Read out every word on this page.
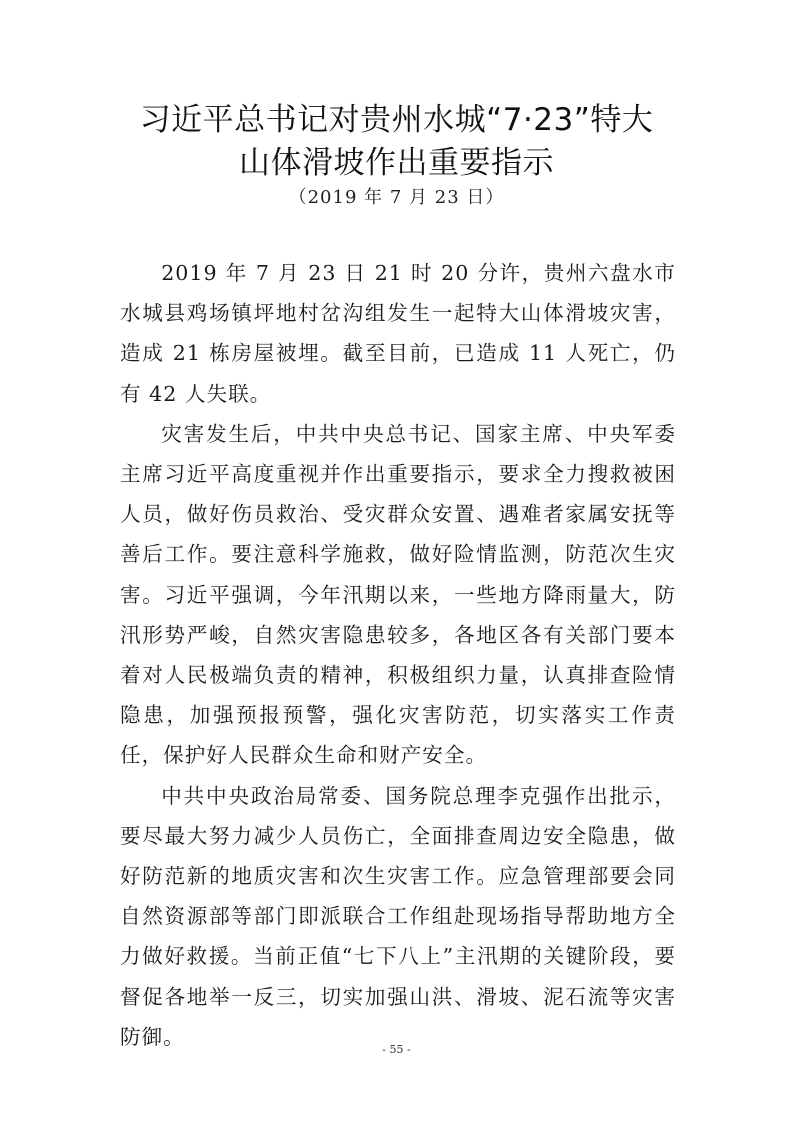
习近平总书记对贵州水城“7·23”特大
山体滑坡作出重要指示
（2019 年 7 月 23 日）

2019 年 7 月 23 日 21 时 20 分许，贵州六盘水市水城县鸡场镇坪地村岔沟组发生一起特大山体滑坡灾害，造成 21 栋房屋被埋。截至目前，已造成 11 人死亡，仍有 42 人失联。

灾害发生后，中共中央总书记、国家主席、中央军委主席习近平高度重视并作出重要指示，要求全力搜救被困人员，做好伤员救治、受灾群众安置、遇难者家属安抚等善后工作。要注意科学施救，做好险情监测，防范次生灾害。习近平强调，今年汛期以来，一些地方降雨量大，防汛形势严峻，自然灾害隐患较多，各地区各有关部门要本着对人民极端负责的精神，积极组织力量，认真排查险情隐患，加强预报预警，强化灾害防范，切实落实工作责任，保护好人民群众生命和财产安全。

中共中央政治局常委、国务院总理李克强作出批示，要尽最大努力减少人员伤亡，全面排查周边安全隐患，做好防范新的地质灾害和次生灾害工作。应急管理部要会同自然资源部等部门即派联合工作组赴现场指导帮助地方全力做好救援。当前正值“七下八上”主汛期的关键阶段，要督促各地举一反三，切实加强山洪、滑坡、泥石流等灾害防御。

- 55 -
